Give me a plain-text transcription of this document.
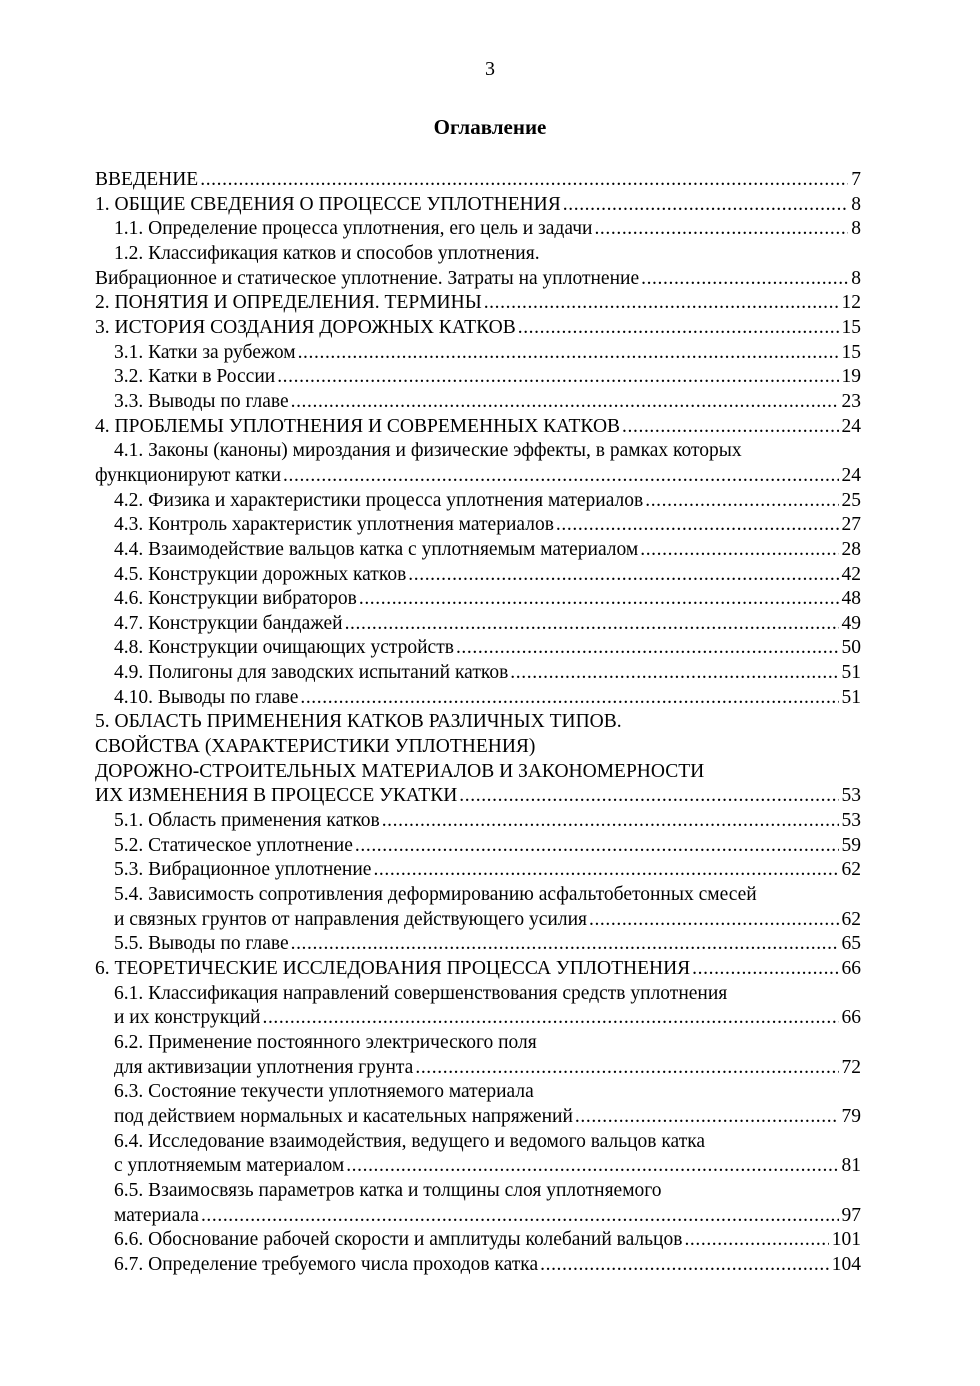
3
Оглавление
ВВЕДЕНИЕ .....	7
1. ОБЩИЕ СВЕДЕНИЯ О ПРОЦЕССЕ УПЛОТНЕНИЯ .....	8
1.1. Определение процесса уплотнения, его цель и задачи .....	8
1.2. Классификация катков и способов уплотнения.
Вибрационное и статическое уплотнение. Затраты на уплотнение .....	8
2. ПОНЯТИЯ И ОПРЕДЕЛЕНИЯ. ТЕРМИНЫ .....	12
3. ИСТОРИЯ СОЗДАНИЯ ДОРОЖНЫХ КАТКОВ .....	15
3.1. Катки за рубежом .....	15
3.2. Катки в России .....	19
3.3. Выводы по главе .....	23
4. ПРОБЛЕМЫ УПЛОТНЕНИЯ И СОВРЕМЕННЫХ КАТКОВ .....	24
4.1. Законы (каноны) мироздания и физические эффекты, в рамках которых
функционируют катки .....	24
4.2. Физика и характеристики процесса уплотнения материалов .....	25
4.3. Контроль характеристик уплотнения материалов .....	27
4.4. Взаимодействие вальцов катка с уплотняемым материалом .....	28
4.5. Конструкции дорожных катков .....	42
4.6. Конструкции вибраторов .....	48
4.7. Конструкции бандажей .....	49
4.8. Конструкции очищающих устройств .....	50
4.9. Полигоны для заводских испытаний катков .....	51
4.10. Выводы по главе .....	51
5. ОБЛАСТЬ ПРИМЕНЕНИЯ КАТКОВ РАЗЛИЧНЫХ ТИПОВ.
СВОЙСТВА (ХАРАКТЕРИСТИКИ УПЛОТНЕНИЯ)
ДОРОЖНО-СТРОИТЕЛЬНЫХ МАТЕРИАЛОВ И ЗАКОНОМЕРНОСТИ
ИХ ИЗМЕНЕНИЯ В ПРОЦЕССЕ УКАТКИ .....	53
5.1. Область применения катков .....	53
5.2. Статическое уплотнение .....	59
5.3. Вибрационное уплотнение .....	62
5.4. Зависимость сопротивления деформированию асфальтобетонных смесей
и связных грунтов от направления действующего усилия .....	62
5.5. Выводы по главе .....	65
6. ТЕОРЕТИЧЕСКИЕ ИССЛЕДОВАНИЯ ПРОЦЕССА УПЛОТНЕНИЯ .....	66
6.1. Классификация направлений совершенствования средств уплотнения
и их конструкций .....	66
6.2. Применение постоянного электрического поля
для активизации уплотнения грунта .....	72
6.3. Состояние текучести уплотняемого материала
под действием нормальных и касательных напряжений .....	79
6.4. Исследование взаимодействия, ведущего и ведомого вальцов катка
с уплотняемым материалом .....	81
6.5. Взаимосвязь параметров катка и толщины слоя уплотняемого
материала .....	97
6.6. Обоснование рабочей скорости и амплитуды колебаний вальцов .....	101
6.7. Определение требуемого числа проходов катка .....	104
